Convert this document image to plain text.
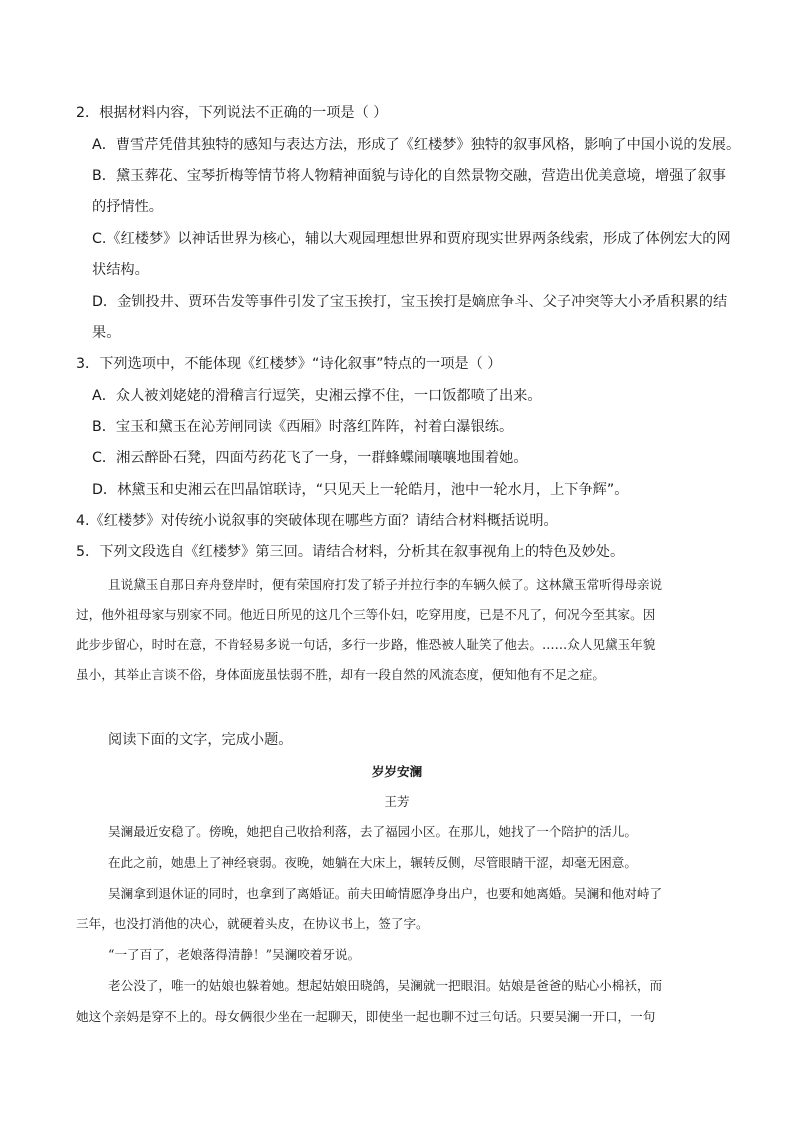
2．根据材料内容，下列说法不正确的一项是（ ）
A．曹雪芹凭借其独特的感知与表达方法，形成了《红楼梦》独特的叙事风格，影响了中国小说的发展。
B．黛玉葬花、宝琴折梅等情节将人物精神面貌与诗化的自然景物交融，营造出优美意境，增强了叙事
的抒情性。
C.《红楼梦》以神话世界为核心，辅以大观园理想世界和贾府现实世界两条线索，形成了体例宏大的网
状结构。
D．金钏投井、贾环告发等事件引发了宝玉挨打，宝玉挨打是嫡庶争斗、父子冲突等大小矛盾积累的结
果。
3．下列选项中，不能体现《红楼梦》“诗化叙事”特点的一项是（ ）
A．众人被刘姥姥的滑稽言行逗笑，史湘云撑不住，一口饭都喷了出来。
B．宝玉和黛玉在沁芳闸同读《西厢》时落红阵阵，衬着白瀑银练。
C．湘云醉卧石凳，四面芍药花飞了一身，一群蜂蝶闹嚷嚷地围着她。
D．林黛玉和史湘云在凹晶馆联诗，“只见天上一轮皓月，池中一轮水月，上下争辉”。
4.《红楼梦》对传统小说叙事的突破体现在哪些方面？请结合材料概括说明。
5．下列文段选自《红楼梦》第三回。请结合材料，分析其在叙事视角上的特色及妙处。
且说黛玉自那日弃舟登岸时，便有荣国府打发了轿子并拉行李的车辆久候了。这林黛玉常听得母亲说
过，他外祖母家与别家不同。他近日所见的这几个三等仆妇，吃穿用度，已是不凡了，何况今至其家。因
此步步留心，时时在意，不肯轻易多说一句话，多行一步路，惟恐被人耻笑了他去。……众人见黛玉年貌
虽小，其举止言谈不俗，身体面庞虽怯弱不胜，却有一段自然的风流态度，便知他有不足之症。
阅读下面的文字，完成小题。
岁岁安澜
王芳
吴澜最近安稳了。傍晚，她把自己收拾利落，去了福园小区。在那儿，她找了一个陪护的活儿。
在此之前，她患上了神经衰弱。夜晚，她躺在大床上，辗转反侧，尽管眼睛干涩，却毫无困意。
吴澜拿到退休证的同时，也拿到了离婚证。前夫田崎情愿净身出户，也要和她离婚。吴澜和他对峙了
三年，也没打消他的决心，就硬着头皮，在协议书上，签了字。
“一了百了，老娘落得清静！”吴澜咬着牙说。
老公没了，唯一的姑娘也躲着她。想起姑娘田晓鸽，吴澜就一把眼泪。姑娘是爸爸的贴心小棉袄，而
她这个亲妈是穿不上的。母女俩很少坐在一起聊天，即使坐一起也聊不过三句话。只要吴澜一开口，一句
